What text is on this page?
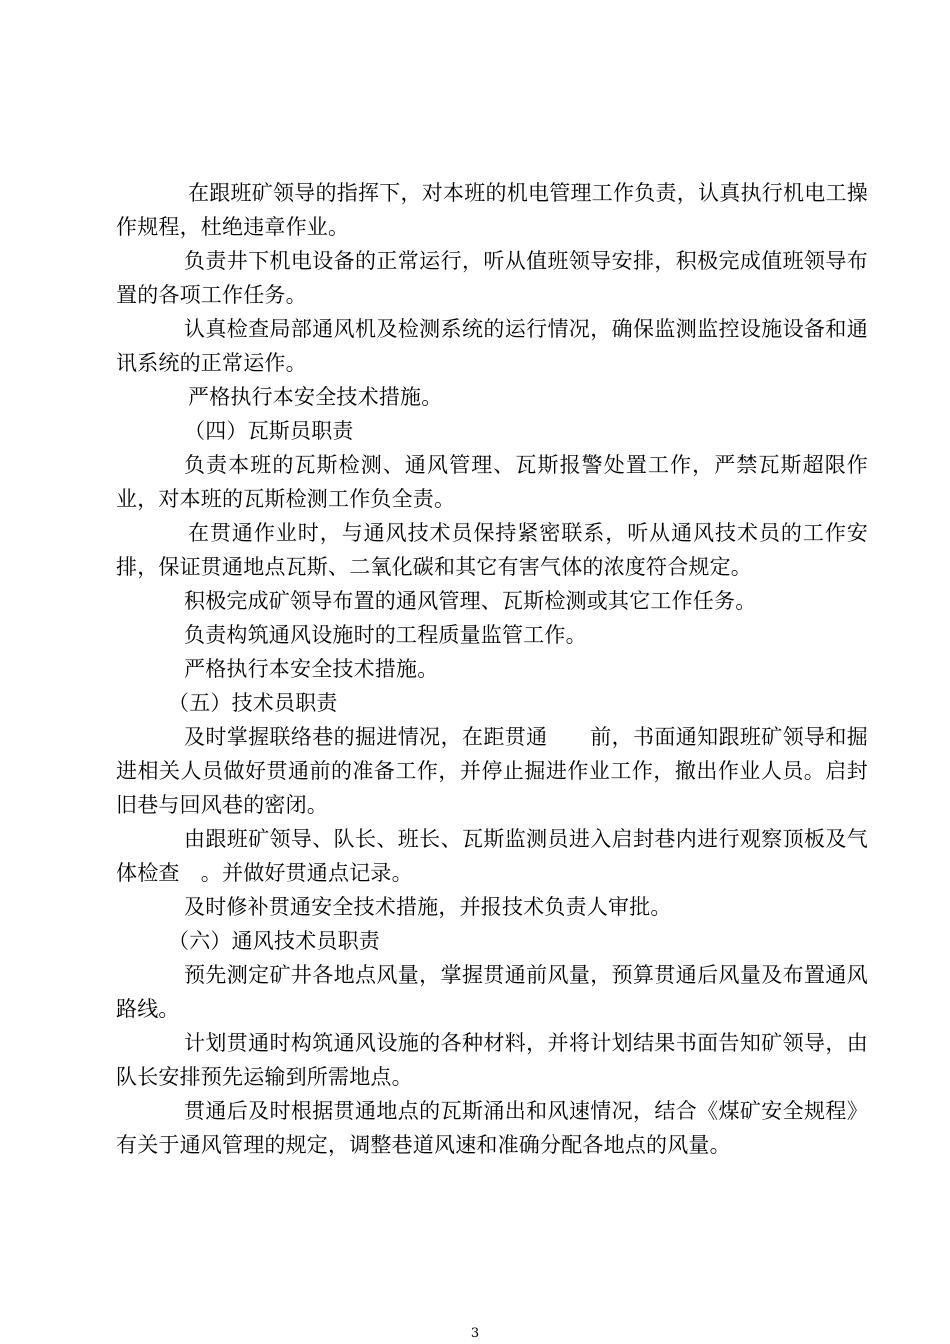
在跟班矿领导的指挥下，对本班的机电管理工作负责，认真执行机电工操作规程，杜绝违章作业。

负责井下机电设备的正常运行，听从值班领导安排，积极完成值班领导布置的各项工作任务。

认真检查局部通风机及检测系统的运行情况，确保监测监控设施设备和通讯系统的正常运作。

严格执行本安全技术措施。

（四）瓦斯员职责

负责本班的瓦斯检测、通风管理、瓦斯报警处置工作，严禁瓦斯超限作业，对本班的瓦斯检测工作负全责。

在贯通作业时，与通风技术员保持紧密联系，听从通风技术员的工作安排，保证贯通地点瓦斯、二氧化碳和其它有害气体的浓度符合规定。

积极完成矿领导布置的通风管理、瓦斯检测或其它工作任务。

负责构筑通风设施时的工程质量监管工作。

严格执行本安全技术措施。

（五）技术员职责

及时掌握联络巷的掘进情况，在距贯通　　前，书面通知跟班矿领导和掘进相关人员做好贯通前的准备工作，并停止掘进作业工作，撤出作业人员。启封旧巷与回风巷的密闭。

由跟班矿领导、队长、班长、瓦斯监测员进入启封巷内进行观察顶板及气体检查　。并做好贯通点记录。

及时修补贯通安全技术措施，并报技术负责人审批。

（六）通风技术员职责

预先测定矿井各地点风量，掌握贯通前风量，预算贯通后风量及布置通风路线。

计划贯通时构筑通风设施的各种材料，并将计划结果书面告知矿领导，由队长安排预先运输到所需地点。

贯通后及时根据贯通地点的瓦斯涌出和风速情况，结合《煤矿安全规程》有关于通风管理的规定，调整巷道风速和准确分配各地点的风量。

3
